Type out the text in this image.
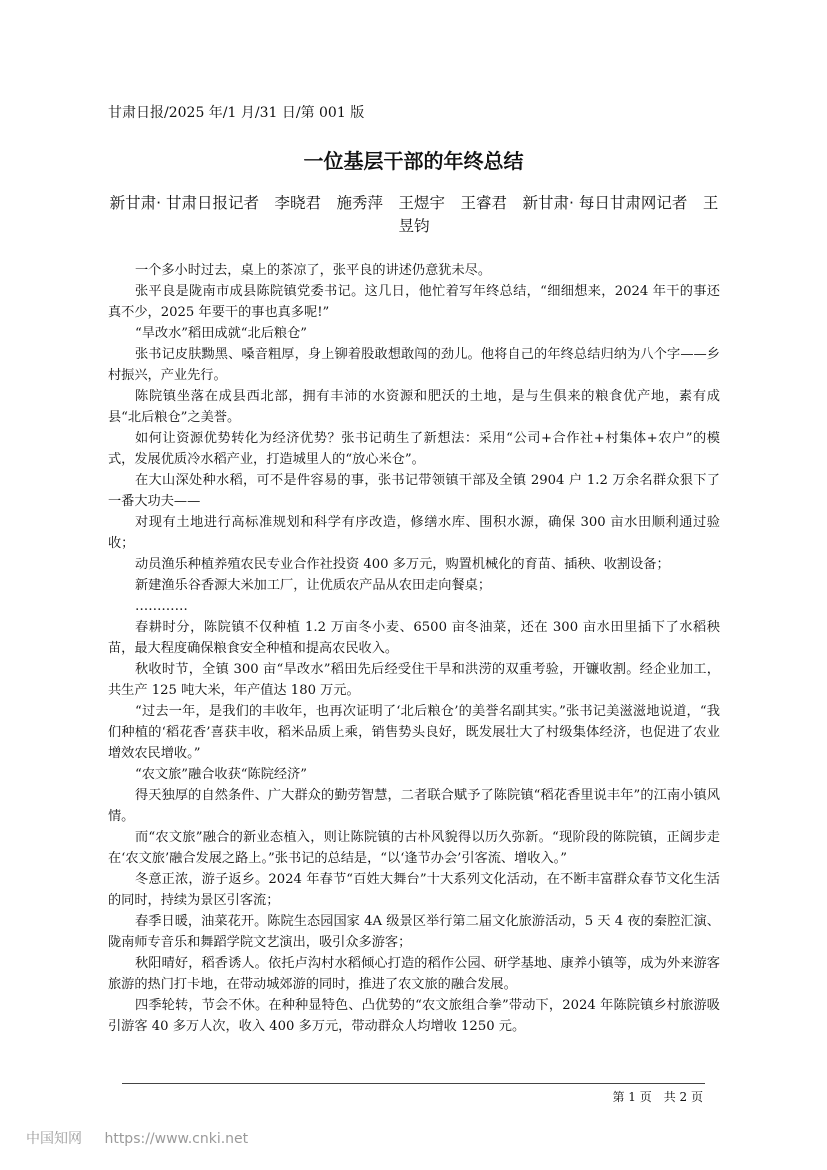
甘肃日报/2025 年/1 月/31 日/第 001 版
一位基层干部的年终总结
新甘肃· 甘肃日报记者　李晓君　施秀萍　王煜宇　王睿君　新甘肃· 每日甘肃网记者　王昱钧

一个多小时过去，桌上的茶凉了，张平良的讲述仍意犹未尽。

张平良是陇南市成县陈院镇党委书记。这几日，他忙着写年终总结，“细细想来，2024 年干的事还真不少，2025 年要干的事也真多呢!”

“旱改水”稻田成就“北后粮仓”

张书记皮肤黝黑、嗓音粗厚，身上铆着股敢想敢闯的劲儿。他将自己的年终总结归纳为八个字——乡村振兴，产业先行。

陈院镇坐落在成县西北部，拥有丰沛的水资源和肥沃的土地，是与生俱来的粮食优产地，素有成县“北后粮仓”之美誉。

如何让资源优势转化为经济优势？张书记萌生了新想法：采用“公司+合作社+村集体+农户”的模式，发展优质冷水稻产业，打造城里人的“放心米仓”。

在大山深处种水稻，可不是件容易的事，张书记带领镇干部及全镇 2904 户 1.2 万余名群众狠下了一番大功夫——

对现有土地进行高标准规划和科学有序改造，修缮水库、围积水源，确保 300 亩水田顺利通过验收；

动员渔乐种植养殖农民专业合作社投资 400 多万元，购置机械化的育苗、插秧、收割设备；

新建渔乐谷香源大米加工厂，让优质农产品从农田走向餐桌；

…………

春耕时分，陈院镇不仅种植 1.2 万亩冬小麦、6500 亩冬油菜，还在 300 亩水田里插下了水稻秧苗，最大程度确保粮食安全种植和提高农民收入。

秋收时节，全镇 300 亩“旱改水”稻田先后经受住干旱和洪涝的双重考验，开镰收割。经企业加工，共生产 125 吨大米，年产值达 180 万元。

“过去一年，是我们的丰收年，也再次证明了‘北后粮仓’的美誉名副其实。”张书记美滋滋地说道，“我们种植的‘稻花香’喜获丰收，稻米品质上乘，销售势头良好，既发展壮大了村级集体经济，也促进了农业增效农民增收。”

“农文旅”融合收获“陈院经济”

得天独厚的自然条件、广大群众的勤劳智慧，二者联合赋予了陈院镇“稻花香里说丰年”的江南小镇风情。

而“农文旅”融合的新业态植入，则让陈院镇的古朴风貌得以历久弥新。“现阶段的陈院镇，正阔步走在‘农文旅’融合发展之路上。”张书记的总结是，“以‘逢节办会’引客流、增收入。”

冬意正浓，游子返乡。2024 年春节“百姓大舞台”十大系列文化活动，在不断丰富群众春节文化生活的同时，持续为景区引客流；

春季日暖，油菜花开。陈院生态园国家 4A 级景区举行第二届文化旅游活动，5 天 4 夜的秦腔汇演、陇南师专音乐和舞蹈学院文艺演出，吸引众多游客；

秋阳晴好，稻香诱人。依托卢沟村水稻倾心打造的稻作公园、研学基地、康养小镇等，成为外来游客旅游的热门打卡地，在带动城郊游的同时，推进了农文旅的融合发展。

四季轮转，节会不休。在种种显特色、凸优势的“农文旅组合拳”带动下，2024 年陈院镇乡村旅游吸引游客 40 多万人次，收入 400 多万元，带动群众人均增收 1250 元。

第 1 页　共 2 页
中国知网 https://www.cnki.net
